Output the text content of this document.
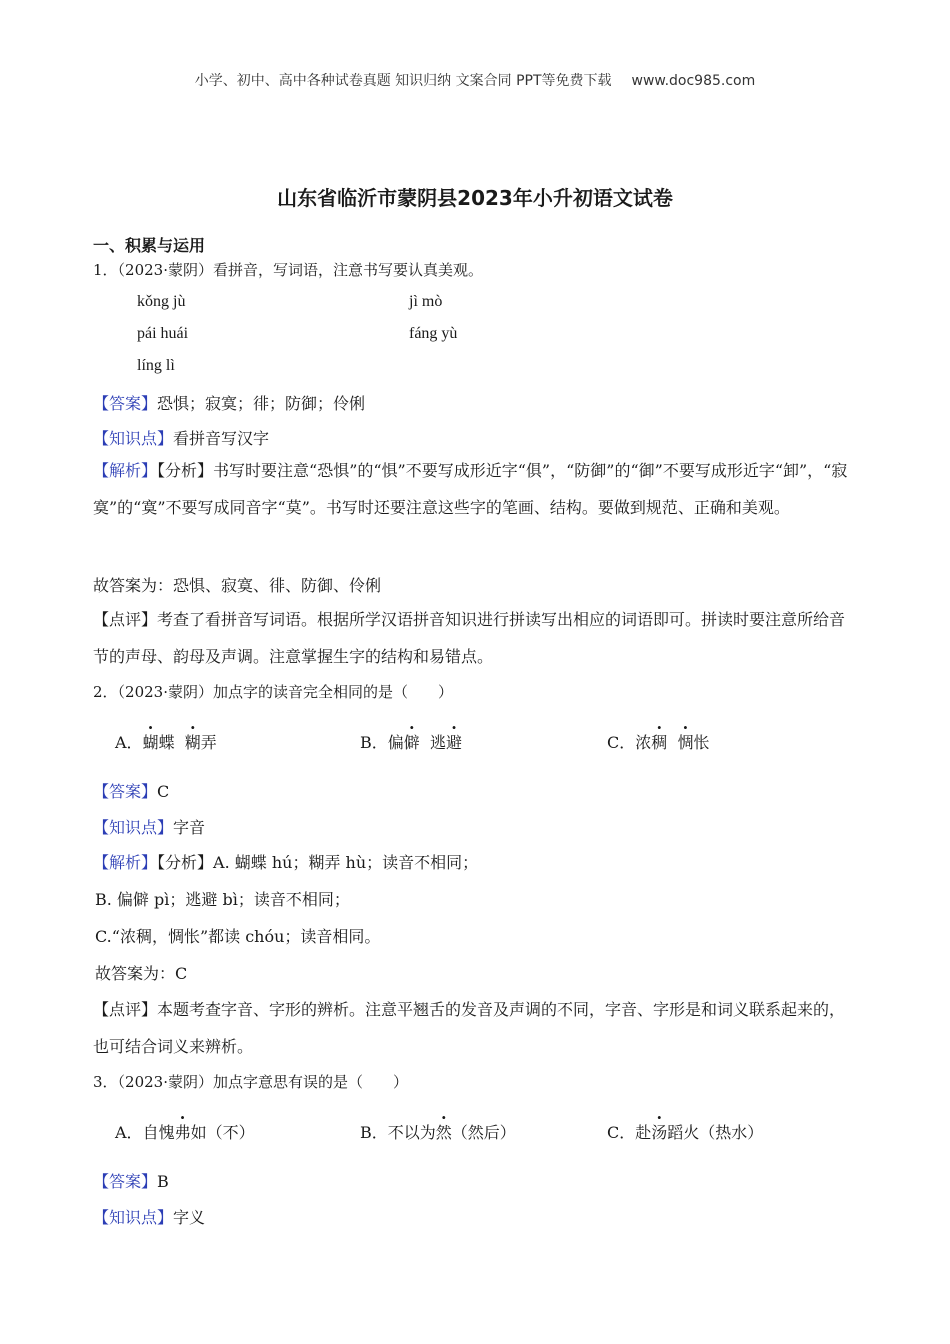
小学、初中、高中各种试卷真题 知识归纳 文案合同 PPT等免费下载 www.doc985.com
山东省临沂市蒙阴县2023年小升初语文试卷
一、积累与运用
1．（2023·蒙阴）看拼音，写词语，注意书写要认真美观。
kǒng jù	jì mò
pái huái	fáng yù
líng lì
【答案】恐惧；寂寞；徘；防御；伶俐
【知识点】看拼音写汉字
【解析】【分析】书写时要注意“恐惧”的“惧”不要写成形近字“俱”，“防御”的“御”不要写成形近字“卸”，“寂寞”的“寞”不要写成同音字“莫”。书写时还要注意这些字的笔画、结构。要做到规范、正确和美观。
故答案为：恐惧、寂寞、徘、防御、伶俐
【点评】考查了看拼音写词语。根据所学汉语拼音知识进行拼读写出相应的词语即可。拼读时要注意所给音节的声母、韵母及声调。注意掌握生字的结构和易错点。
2．（2023·蒙阴）加点字的读音完全相同的是（　　）
A．蝴蝶 糊弄	B．偏僻 逃避	C．浓稠 惆怅
【答案】C
【知识点】字音
【解析】【分析】A. 蝴蝶 hú；糊弄 hù；读音不相同；
B. 偏僻 pì；逃避 bì；读音不相同；
C.“浓稠，惆怅”都读 chóu；读音相同。
故答案为：C
【点评】本题考查字音、字形的辨析。注意平翘舌的发音及声调的不同，字音、字形是和词义联系起来的，也可结合词义来辨析。
3．（2023·蒙阴）加点字意思有误的是（　　）
A．自愧弗如（不）	B．不以为然（然后）	C．赴汤蹈火（热水）
【答案】B
【知识点】字义
